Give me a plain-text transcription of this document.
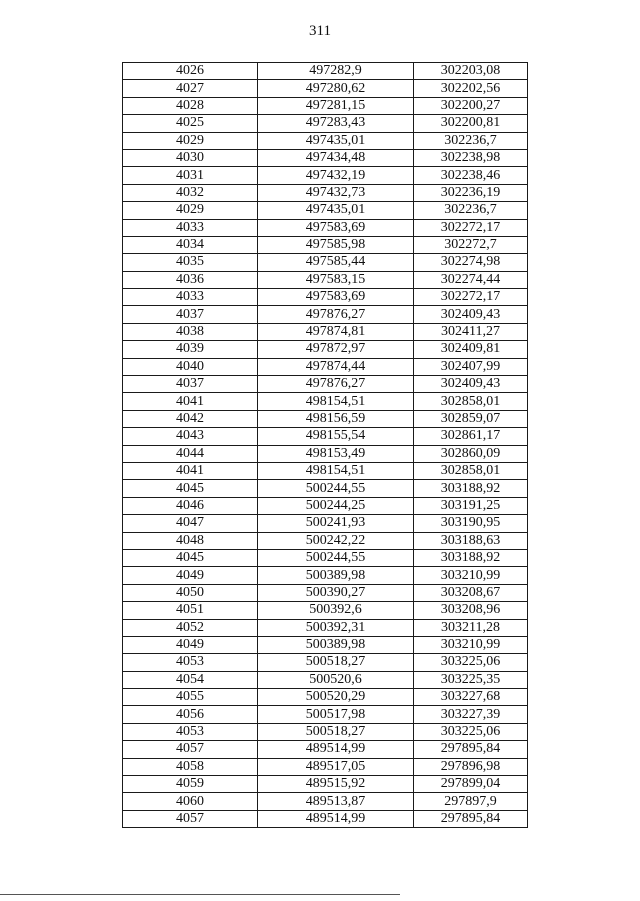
311
4026	497282,9	302203,08
4027	497280,62	302202,56
4028	497281,15	302200,27
4025	497283,43	302200,81
4029	497435,01	302236,7
4030	497434,48	302238,98
4031	497432,19	302238,46
4032	497432,73	302236,19
4029	497435,01	302236,7
4033	497583,69	302272,17
4034	497585,98	302272,7
4035	497585,44	302274,98
4036	497583,15	302274,44
4033	497583,69	302272,17
4037	497876,27	302409,43
4038	497874,81	302411,27
4039	497872,97	302409,81
4040	497874,44	302407,99
4037	497876,27	302409,43
4041	498154,51	302858,01
4042	498156,59	302859,07
4043	498155,54	302861,17
4044	498153,49	302860,09
4041	498154,51	302858,01
4045	500244,55	303188,92
4046	500244,25	303191,25
4047	500241,93	303190,95
4048	500242,22	303188,63
4045	500244,55	303188,92
4049	500389,98	303210,99
4050	500390,27	303208,67
4051	500392,6	303208,96
4052	500392,31	303211,28
4049	500389,98	303210,99
4053	500518,27	303225,06
4054	500520,6	303225,35
4055	500520,29	303227,68
4056	500517,98	303227,39
4053	500518,27	303225,06
4057	489514,99	297895,84
4058	489517,05	297896,98
4059	489515,92	297899,04
4060	489513,87	297897,9
4057	489514,99	297895,84
